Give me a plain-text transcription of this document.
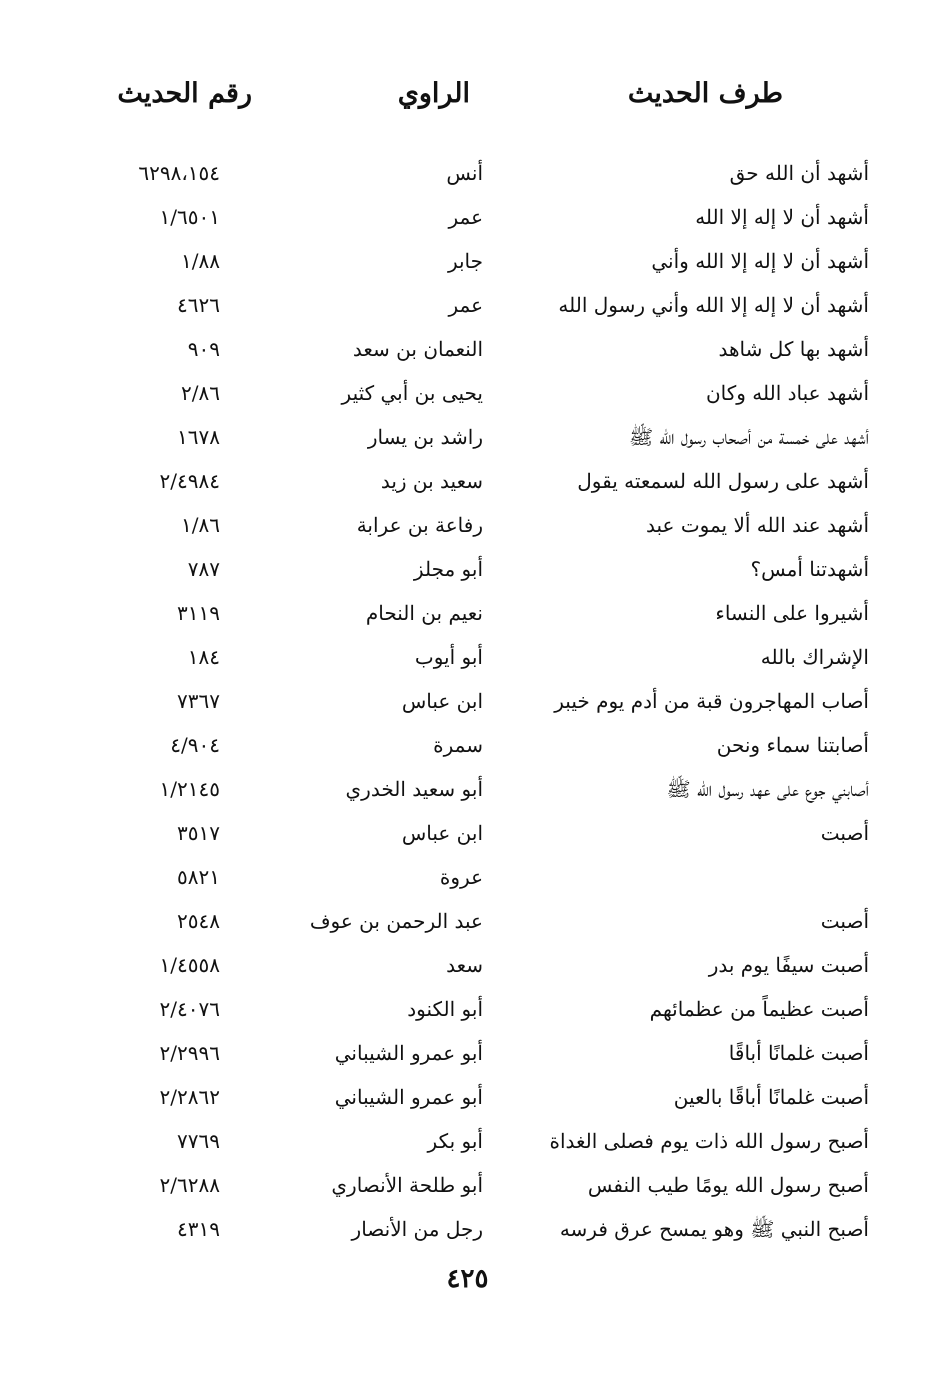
طرف الحديث
الراوي
رقم الحديث
أشهد أن الله حق
أنس
٦٢٩٨،١٥٤
أشهد أن لا إله إلا الله
عمر
١/٦٥٠١
أشهد أن لا إله إلا الله وأني
جابر
١/٨٨
أشهد أن لا إله إلا الله وأني رسول الله
عمر
٤٦٢٦
أشهد بها كل شاهد
النعمان بن سعد
٩٠٩
أشهد عباد الله وكان
يحيى بن أبي كثير
٢/٨٦
أشهد على خمسة من أصحاب رسول الله ﷺ
راشد بن يسار
١٦٧٨
أشهد على رسول الله لسمعته يقول
سعيد بن زيد
٢/٤٩٨٤
أشهد عند الله ألا يموت عبد
رفاعة بن عرابة
١/٨٦
أشهدتنا أمس؟
أبو مجلز
٧٨٧
أشيروا على النساء
نعيم بن النحام
٣١١٩
الإشراك بالله
أبو أيوب
١٨٤
أصاب المهاجرون قبة من أدم يوم خيبر
ابن عباس
٧٣٦٧
أصابتنا سماء ونحن
سمرة
٤/٩٠٤
أصابني جوع على عهد رسول الله ﷺ
أبو سعيد الخدري
١/٢١٤٥
أصبت
ابن عباس
٣٥١٧
عروة
٥٨٢١
أصبت
عبد الرحمن بن عوف
٢٥٤٨
أصبت سيفًا يوم بدر
سعد
١/٤٥٥٨
أصبت عظيماً من عظمائهم
أبو الكنود
٢/٤٠٧٦
أصبت غلمانًا أباقًا
أبو عمرو الشيباني
٢/٢٩٩٦
أصبت غلمانًا أباقًا بالعين
أبو عمرو الشيباني
٢/٢٨٦٢
أصبح رسول الله ذات يوم فصلى الغداة
أبو بكر
٧٧٦٩
أصبح رسول الله يومًا طيب النفس
أبو طلحة الأنصاري
٢/٦٢٨٨
أصبح النبي ﷺ وهو يمسح عرق فرسه
رجل من الأنصار
٤٣١٩
٤٢٥
